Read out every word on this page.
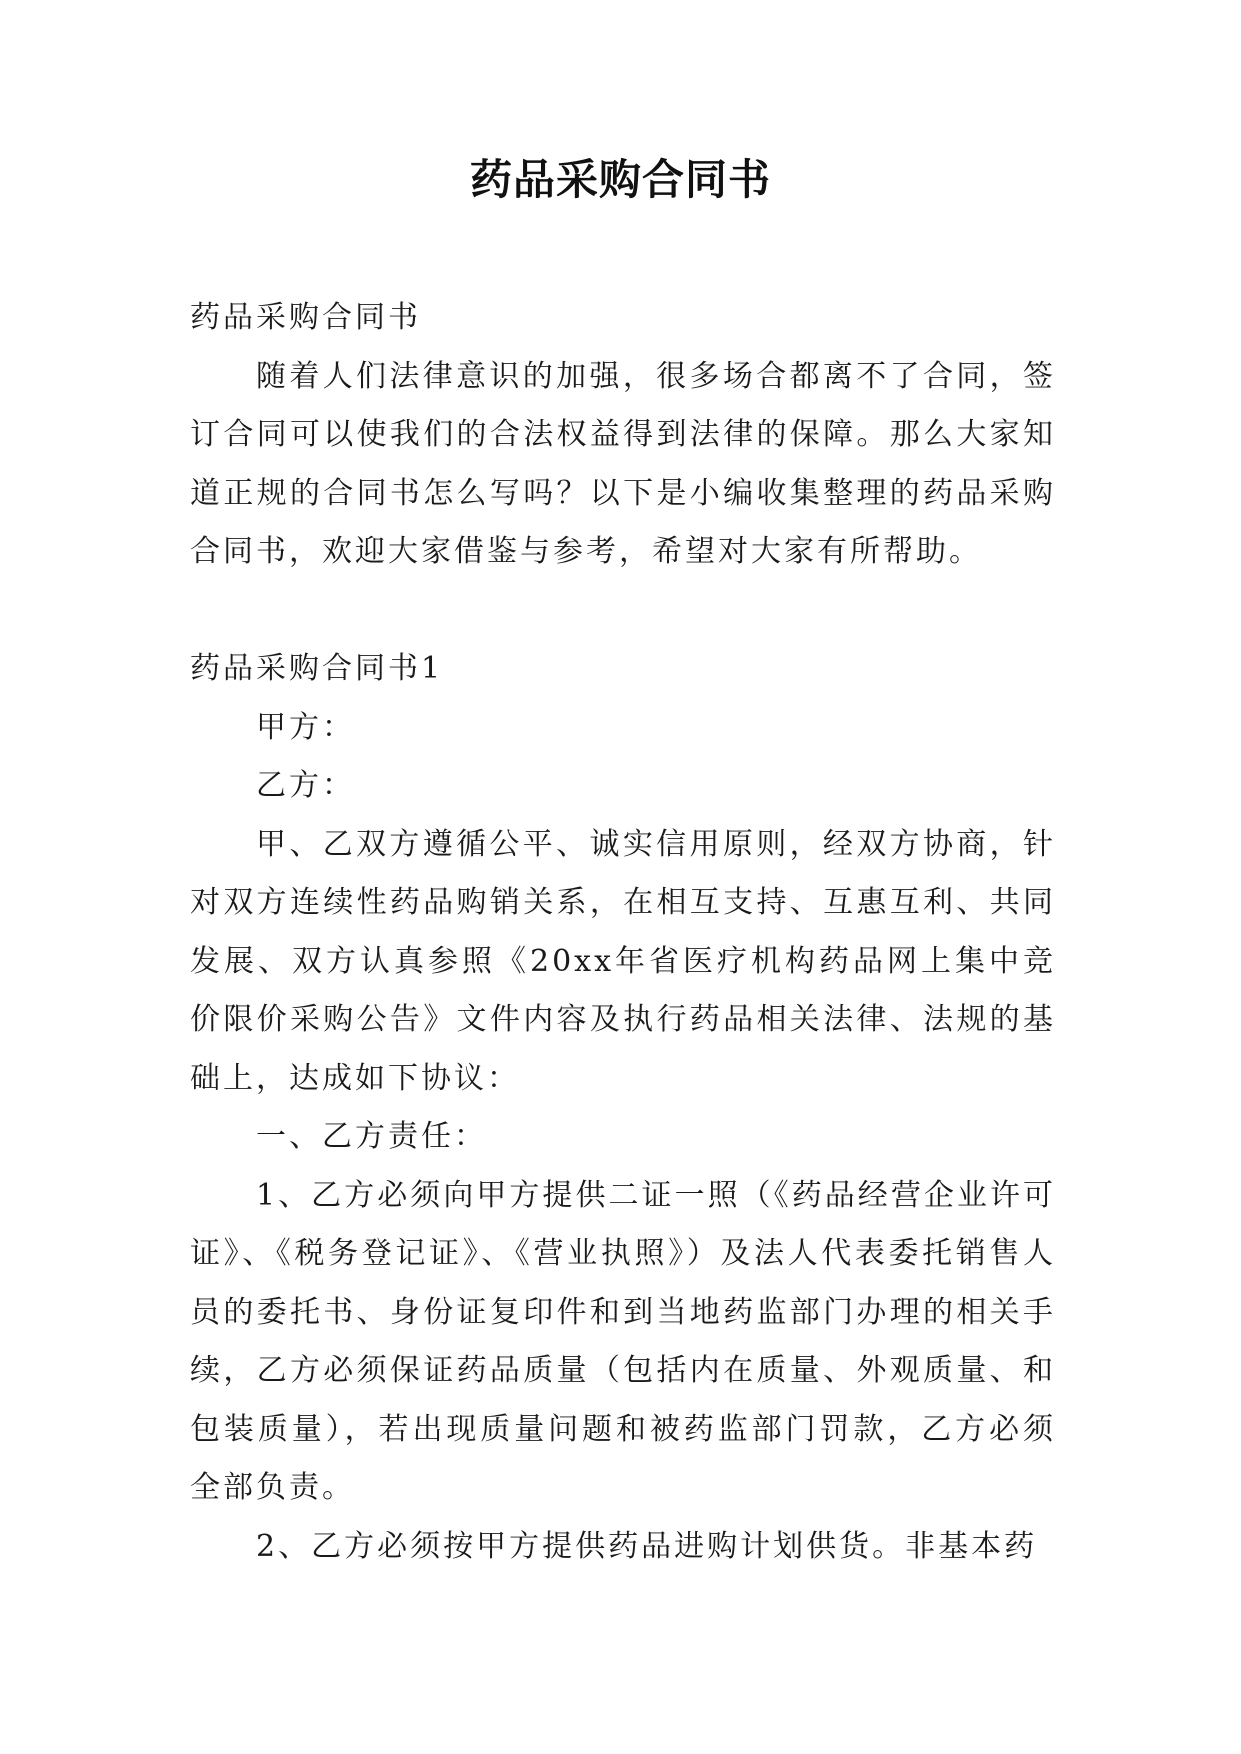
药品采购合同书

药品采购合同书

随着人们法律意识的加强，很多场合都离不了合同，签订合同可以使我们的合法权益得到法律的保障。那么大家知道正规的合同书怎么写吗？以下是小编收集整理的药品采购合同书，欢迎大家借鉴与参考，希望对大家有所帮助。

药品采购合同书1

甲方：

乙方：

甲、乙双方遵循公平、诚实信用原则，经双方协商，针对双方连续性药品购销关系，在相互支持、互惠互利、共同发展、双方认真参照《20xx年省医疗机构药品网上集中竞价限价采购公告》文件内容及执行药品相关法律、法规的基础上，达成如下协议：

一、乙方责任：

1、乙方必须向甲方提供二证一照（《药品经营企业许可证》、《税务登记证》、《营业执照》）及法人代表委托销售人员的委托书、身份证复印件和到当地药监部门办理的相关手续，乙方必须保证药品质量（包括内在质量、外观质量、和包装质量），若出现质量问题和被药监部门罚款，乙方必须全部负责。

2、乙方必须按甲方提供药品进购计划供货。非基本药
